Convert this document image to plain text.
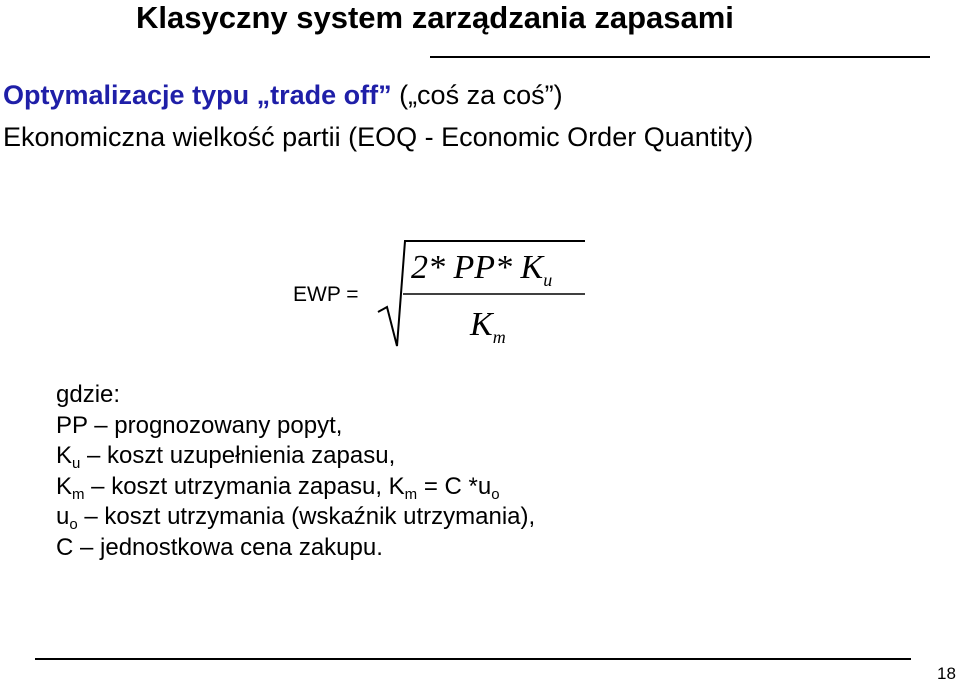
Klasyczny system zarządzania zapasami
Optymalizacje typu „trade off” („coś za coś”)
Ekonomiczna wielkość partii (EOQ - Economic Order Quantity)
EWP =
2* PP* $K_u$
$K_m$
gdzie:
PP – prognozowany popyt,
$K_u$ – koszt uzupełnienia zapasu,
$K_m$ – koszt utrzymania zapasu, $K_m = C$ $*u_o$
$u_o$ – koszt utrzymania (wskaźnik utrzymania),
C – jednostkowa cena zakupu.
18
